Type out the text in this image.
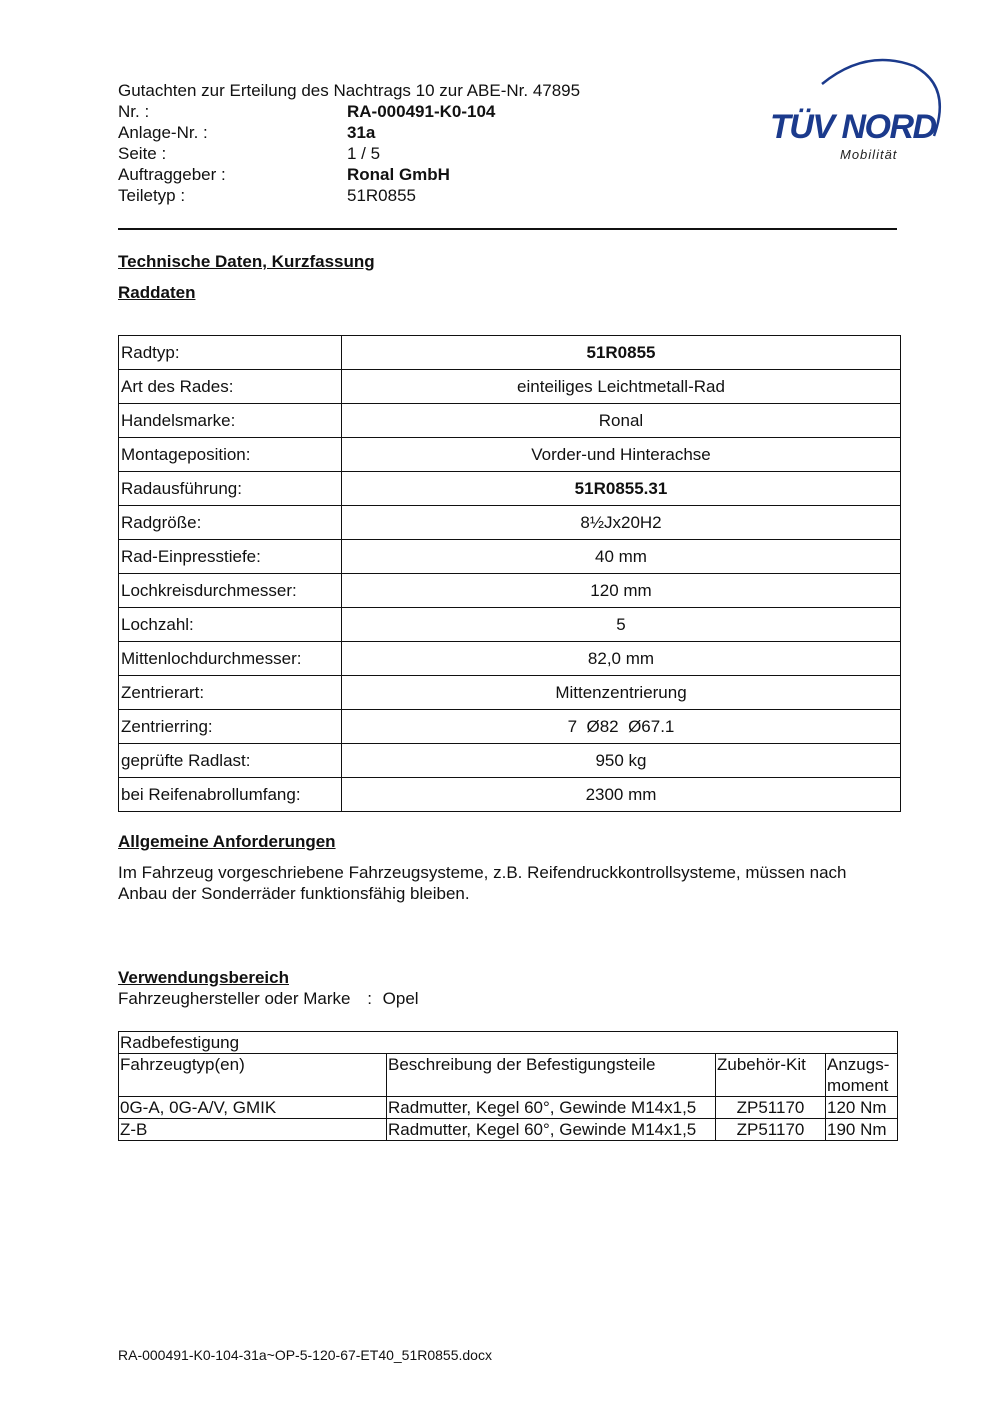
Gutachten zur Erteilung des Nachtrags 10 zur ABE-Nr. 47895
Nr. :	RA-000491-K0-104
Anlage-Nr. :	31a
Seite :	1 / 5
Auftraggeber :	Ronal GmbH
Teiletyp :	51R0855
TÜV NORD
Mobilität
Technische Daten, Kurzfassung
Raddaten
Radtyp:	51R0855
Art des Rades:	einteiliges Leichtmetall-Rad
Handelsmarke:	Ronal
Montageposition:	Vorder-und Hinterachse
Radausführung:	51R0855.31
Radgröße:	8½Jx20H2
Rad-Einpresstiefe:	40 mm
Lochkreisdurchmesser:	120 mm
Lochzahl:	5
Mittenlochdurchmesser:	82,0 mm
Zentrierart:	Mittenzentrierung
Zentrierring:	7  Ø82  Ø67.1
geprüfte Radlast:	950 kg
bei Reifenabrollumfang:	2300 mm
Allgemeine Anforderungen
Im Fahrzeug vorgeschriebene Fahrzeugsysteme, z.B. Reifendruckkontrollsysteme, müssen nach Anbau der Sonderräder funktionsfähig bleiben.
Verwendungsbereich
Fahrzeughersteller oder Marke : Opel
Radbefestigung			
Fahrzeugtyp(en)	Beschreibung der Befestigungsteile	Zubehör-Kit	Anzugs-moment
0G-A, 0G-A/V, GMIK	Radmutter, Kegel 60°, Gewinde M14x1,5	ZP51170	120 Nm
Z-B	Radmutter, Kegel 60°, Gewinde M14x1,5	ZP51170	190 Nm
RA-000491-K0-104-31a~OP-5-120-67-ET40_51R0855.docx
